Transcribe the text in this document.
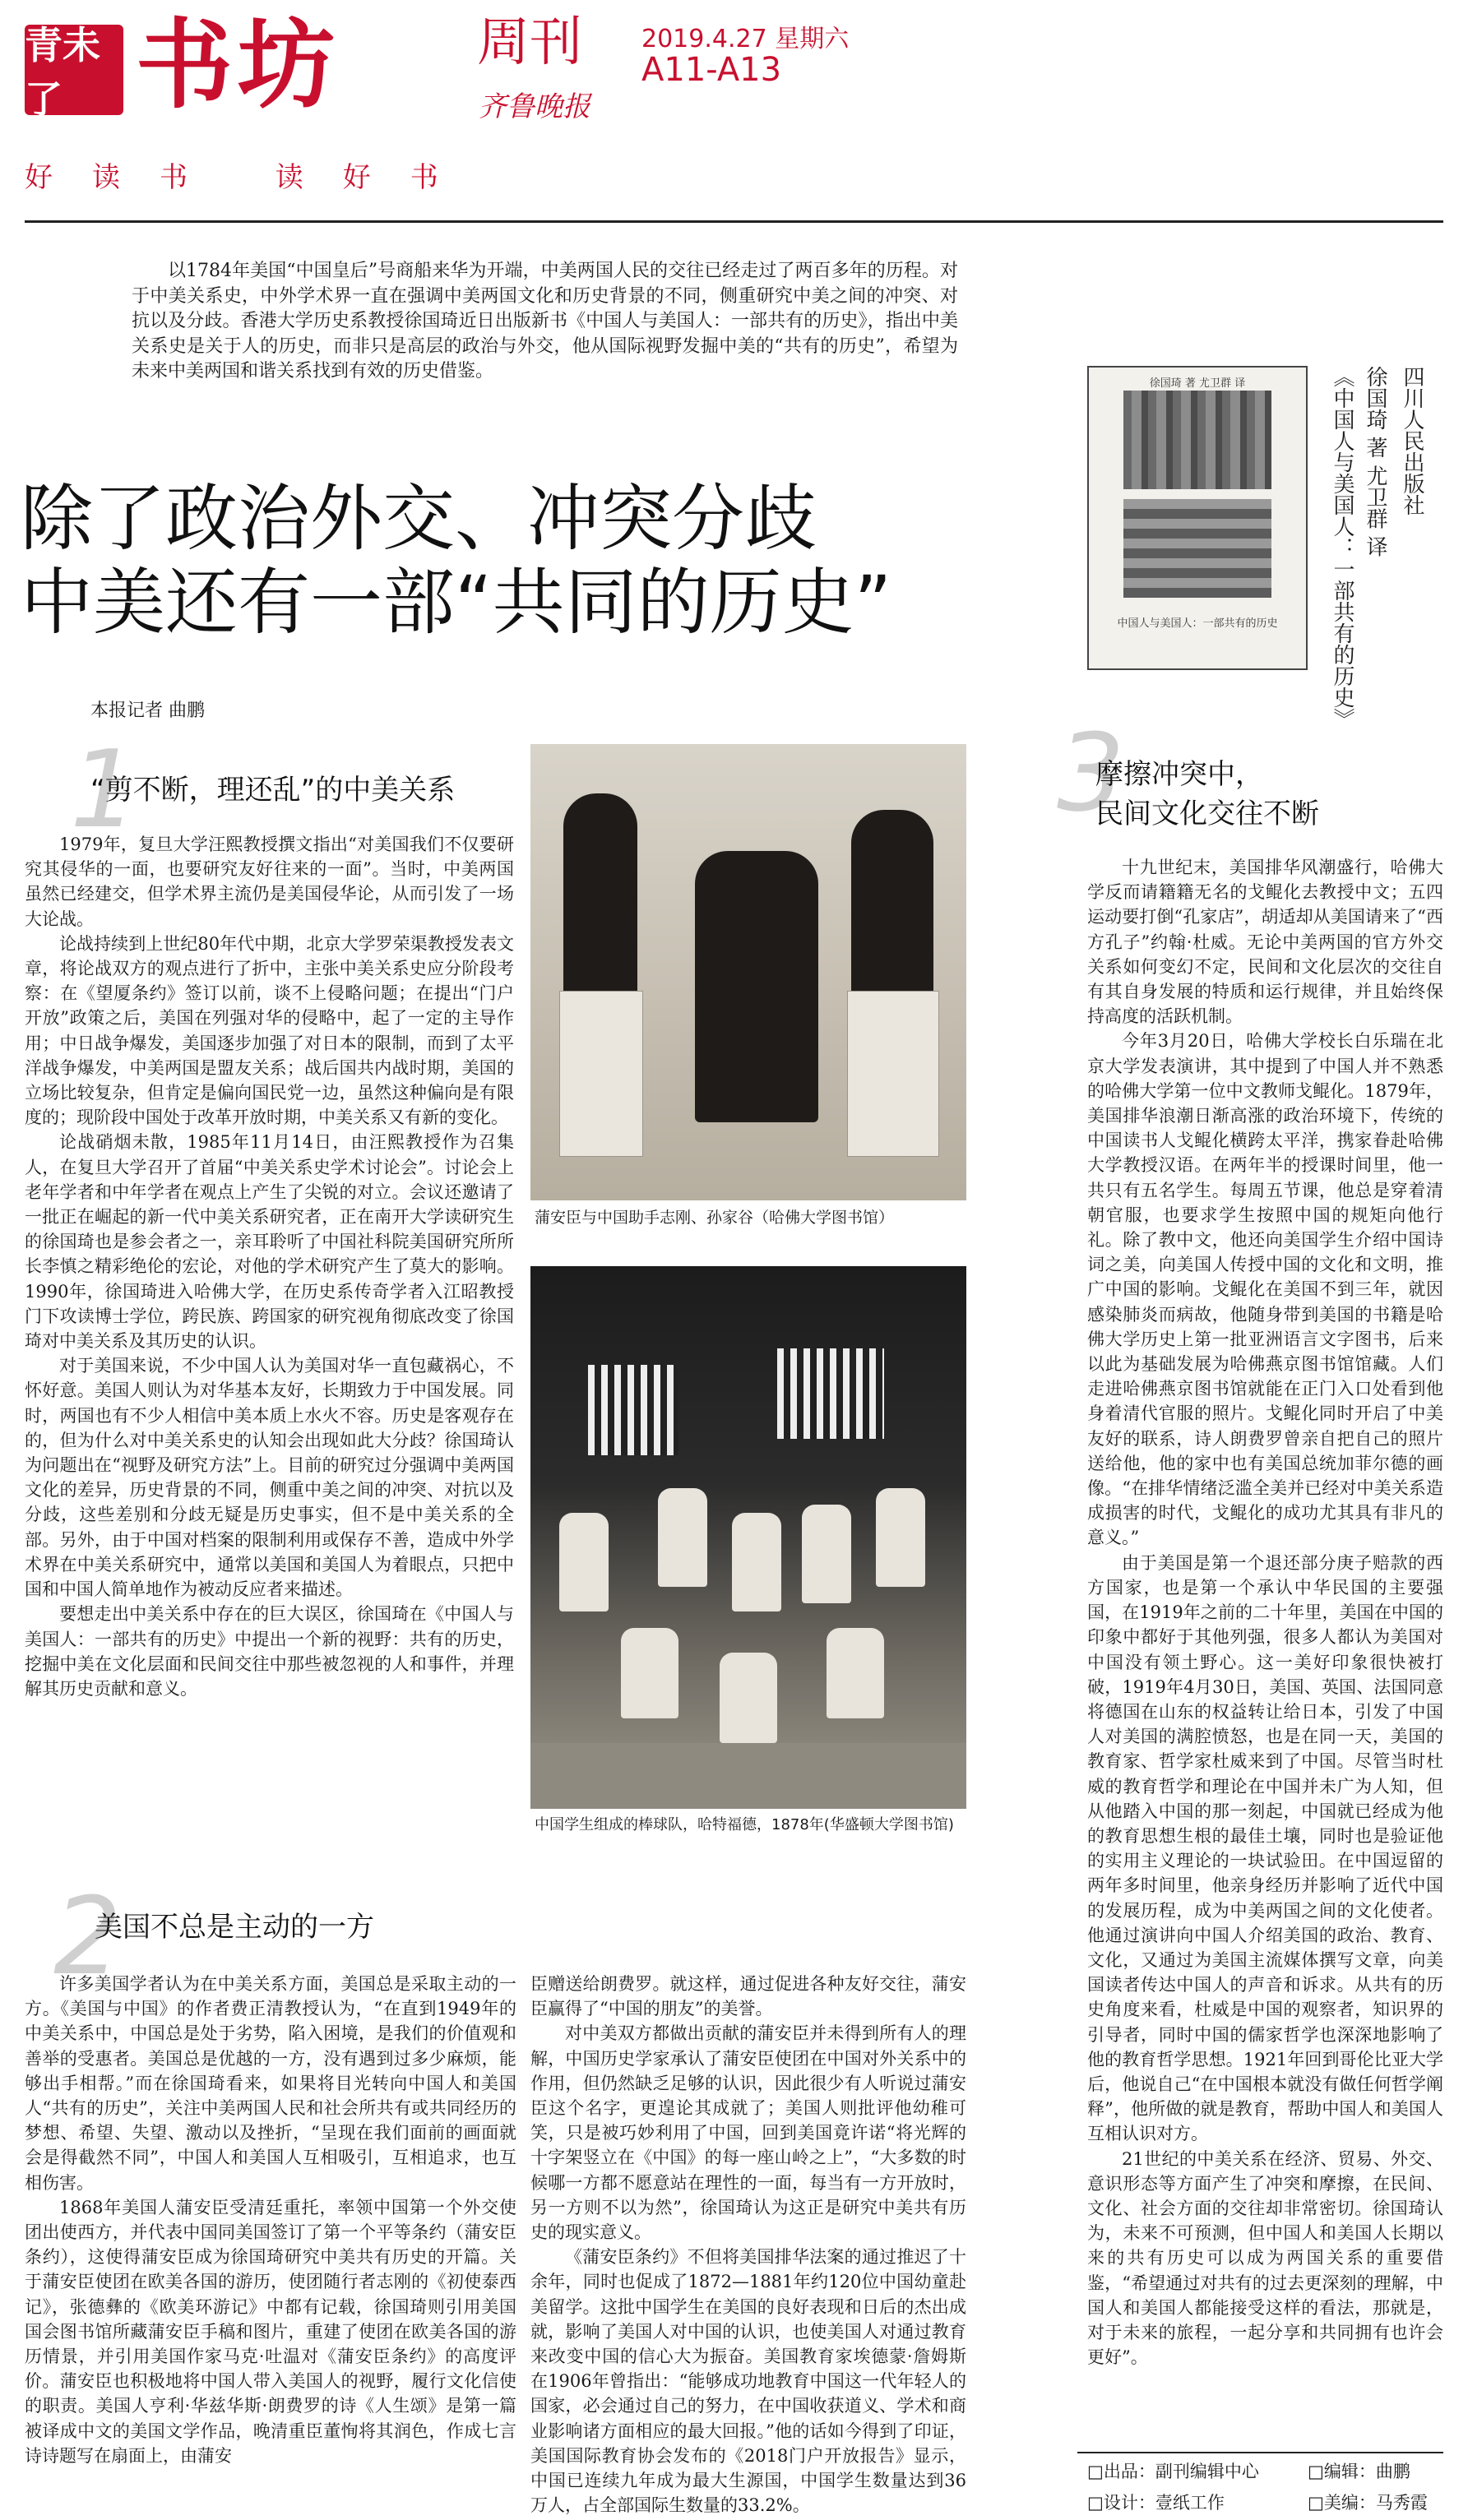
青未了 书坊	周刊
齐鲁晚报
2019.4.27 星期六
A11-A13
好读书 读好书
以1784年美国“中国皇后”号商船来华为开端，中美两国人民的交往已经走过了两百多年的历程。对于中美关系史，中外学术界一直在强调中美两国文化和历史背景的不同，侧重研究中美之间的冲突、对抗以及分歧。香港大学历史系教授徐国琦近日出版新书《中国人与美国人：一部共有的历史》，指出中美关系史是关于人的历史，而非只是高层的政治与外交，他从国际视野发掘中美的“共有的历史”，希望为未来中美两国和谐关系找到有效的历史借鉴。
徐国琦 著 尤卫群 译
中国人与美国人：一部共有的历史	《中国人与美国人：一部共有的历史》 徐国琦 著 尤卫群 译 四川人民出版社
除了政治外交、冲突分歧
中美还有一部“共同的历史”
本报记者 曲鹏
1
“剪不断，理还乱”的中美关系

1979年，复旦大学汪熙教授撰文指出“对美国我们不仅要研究其侵华的一面，也要研究友好往来的一面”。当时，中美两国虽然已经建交，但学术界主流仍是美国侵华论，从而引发了一场大论战。

论战持续到上世纪80年代中期，北京大学罗荣渠教授发表文章，将论战双方的观点进行了折中，主张中美关系史应分阶段考察：在《望厦条约》签订以前，谈不上侵略问题；在提出“门户开放”政策之后，美国在列强对华的侵略中，起了一定的主导作用；中日战争爆发，美国逐步加强了对日本的限制，而到了太平洋战争爆发，中美两国是盟友关系；战后国共内战时期，美国的立场比较复杂，但肯定是偏向国民党一边，虽然这种偏向是有限度的；现阶段中国处于改革开放时期，中美关系又有新的变化。

论战硝烟未散，1985年11月14日，由汪熙教授作为召集人，在复旦大学召开了首届“中美关系史学术讨论会”。讨论会上老年学者和中年学者在观点上产生了尖锐的对立。会议还邀请了一批正在崛起的新一代中美关系研究者，正在南开大学读研究生的徐国琦也是参会者之一，亲耳聆听了中国社科院美国研究所所长李慎之精彩绝伦的宏论，对他的学术研究产生了莫大的影响。1990年，徐国琦进入哈佛大学，在历史系传奇学者入江昭教授门下攻读博士学位，跨民族、跨国家的研究视角彻底改变了徐国琦对中美关系及其历史的认识。

对于美国来说，不少中国人认为美国对华一直包藏祸心，不怀好意。美国人则认为对华基本友好，长期致力于中国发展。同时，两国也有不少人相信中美本质上水火不容。历史是客观存在的，但为什么对中美关系史的认知会出现如此大分歧？徐国琦认为问题出在“视野及研究方法”上。目前的研究过分强调中美两国文化的差异，历史背景的不同，侧重中美之间的冲突、对抗以及分歧，这些差别和分歧无疑是历史事实，但不是中美关系的全部。另外，由于中国对档案的限制利用或保存不善，造成中外学术界在中美关系研究中，通常以美国和美国人为着眼点，只把中国和中国人简单地作为被动反应者来描述。

要想走出中美关系中存在的巨大误区，徐国琦在《中国人与美国人：一部共有的历史》中提出一个新的视野：共有的历史，挖掘中美在文化层面和民间交往中那些被忽视的人和事件，并理解其历史贡献和意义。

蒲安臣与中国助手志刚、孙家谷（哈佛大学图书馆）
中国学生组成的棒球队，哈特福德，1878年(华盛顿大学图书馆)
2
美国不总是主动的一方

许多美国学者认为在中美关系方面，美国总是采取主动的一方。《美国与中国》的作者费正清教授认为，“在直到1949年的中美关系中，中国总是处于劣势，陷入困境，是我们的价值观和善举的受惠者。美国总是优越的一方，没有遇到过多少麻烦，能够出手相帮。”而在徐国琦看来，如果将目光转向中国人和美国人“共有的历史”，关注中美两国人民和社会所共有或共同经历的梦想、希望、失望、激动以及挫折，“呈现在我们面前的画面就会是得截然不同”，中国人和美国人互相吸引，互相追求，也互相伤害。

1868年美国人蒲安臣受清廷重托，率领中国第一个外交使团出使西方，并代表中国同美国签订了第一个平等条约（蒲安臣条约），这使得蒲安臣成为徐国琦研究中美共有历史的开篇。关于蒲安臣使团在欧美各国的游历，使团随行者志刚的《初使泰西记》，张德彝的《欧美环游记》中都有记载，徐国琦则引用美国国会图书馆所藏蒲安臣手稿和图片，重建了使团在欧美各国的游历情景，并引用美国作家马克·吐温对《蒲安臣条约》的高度评价。蒲安臣也积极地将中国人带入美国人的视野，履行文化信使的职责。美国人亨利·华兹华斯·朗费罗的诗《人生颂》是第一篇被译成中文的美国文学作品，晚清重臣董恂将其润色，作成七言诗诗题写在扇面上，由蒲安

臣赠送给朗费罗。就这样，通过促进各种友好交往，蒲安臣赢得了“中国的朋友”的美誉。

对中美双方都做出贡献的蒲安臣并未得到所有人的理解，中国历史学家承认了蒲安臣使团在中国对外关系中的作用，但仍然缺乏足够的认识，因此很少有人听说过蒲安臣这个名字，更遑论其成就了；美国人则批评他幼稚可笑，只是被巧妙利用了中国，回到美国竟许诺“将光辉的十字架竖立在《中国》的每一座山岭之上”，“大多数的时候哪一方都不愿意站在理性的一面，每当有一方开放时，另一方则不以为然”，徐国琦认为这正是研究中美共有历史的现实意义。

《蒲安臣条约》不但将美国排华法案的通过推迟了十余年，同时也促成了1872—1881年约120位中国幼童赴美留学。这批中国学生在美国的良好表现和日后的杰出成就，影响了美国人对中国的认识，也使美国人对通过教育来改变中国的信心大为振奋。美国教育家埃德蒙·詹姆斯在1906年曾指出：“能够成功地教育中国这一代年轻人的国家，必会通过自己的努力，在中国收获道义、学术和商业影响诸方面相应的最大回报。”他的话如今得到了印证，美国国际教育协会发布的《2018门户开放报告》显示，中国已连续九年成为最大生源国，中国学生数量达到36万人，占全部国际生数量的33.2%。

3
摩擦冲突中，
民间文化交往不断

十九世纪末，美国排华风潮盛行，哈佛大学反而请籍籍无名的戈鲲化去教授中文；五四运动要打倒“孔家店”，胡适却从美国请来了“西方孔子”约翰·杜威。无论中美两国的官方外交关系如何变幻不定，民间和文化层次的交往自有其自身发展的特质和运行规律，并且始终保持高度的活跃机制。

今年3月20日，哈佛大学校长白乐瑞在北京大学发表演讲，其中提到了中国人并不熟悉的哈佛大学第一位中文教师戈鲲化。1879年，美国排华浪潮日渐高涨的政治环境下，传统的中国读书人戈鲲化横跨太平洋，携家眷赴哈佛大学教授汉语。在两年半的授课时间里，他一共只有五名学生。每周五节课，他总是穿着清朝官服，也要求学生按照中国的规矩向他行礼。除了教中文，他还向美国学生介绍中国诗词之美，向美国人传授中国的文化和文明，推广中国的影响。戈鲲化在美国不到三年，就因感染肺炎而病故，他随身带到美国的书籍是哈佛大学历史上第一批亚洲语言文字图书，后来以此为基础发展为哈佛燕京图书馆馆藏。人们走进哈佛燕京图书馆就能在正门入口处看到他身着清代官服的照片。戈鲲化同时开启了中美友好的联系，诗人朗费罗曾亲自把自己的照片送给他，他的家中也有美国总统加菲尔德的画像。“在排华情绪泛滥全美并已经对中美关系造成损害的时代，戈鲲化的成功尤其具有非凡的意义。”

由于美国是第一个退还部分庚子赔款的西方国家，也是第一个承认中华民国的主要强国，在1919年之前的二十年里，美国在中国的印象中都好于其他列强，很多人都认为美国对中国没有领土野心。这一美好印象很快被打破，1919年4月30日，美国、英国、法国同意将德国在山东的权益转让给日本，引发了中国人对美国的满腔愤怒，也是在同一天，美国的教育家、哲学家杜威来到了中国。尽管当时杜威的教育哲学和理论在中国并未广为人知，但从他踏入中国的那一刻起，中国就已经成为他的教育思想生根的最佳土壤，同时也是验证他的实用主义理论的一块试验田。在中国逗留的两年多时间里，他亲身经历并影响了近代中国的发展历程，成为中美两国之间的文化使者。他通过演讲向中国人介绍美国的政治、教育、文化，又通过为美国主流媒体撰写文章，向美国读者传达中国人的声音和诉求。从共有的历史角度来看，杜威是中国的观察者，知识界的引导者，同时中国的儒家哲学也深深地影响了他的教育哲学思想。1921年回到哥伦比亚大学后，他说自己“在中国根本就没有做任何哲学阐释”，他所做的就是教育，帮助中国人和美国人互相认识对方。

21世纪的中美关系在经济、贸易、外交、意识形态等方面产生了冲突和摩擦，在民间、文化、社会方面的交往却非常密切。徐国琦认为，未来不可预测，但中国人和美国人长期以来的共有历史可以成为两国关系的重要借鉴，“希望通过对共有的过去更深刻的理解，中国人和美国人都能接受这样的看法，那就是，对于未来的旅程，一起分享和共同拥有也许会更好”。

□出品：副刊编辑中心	□编辑：曲鹏
□设计：壹纸工作	□美编：马秀霞
